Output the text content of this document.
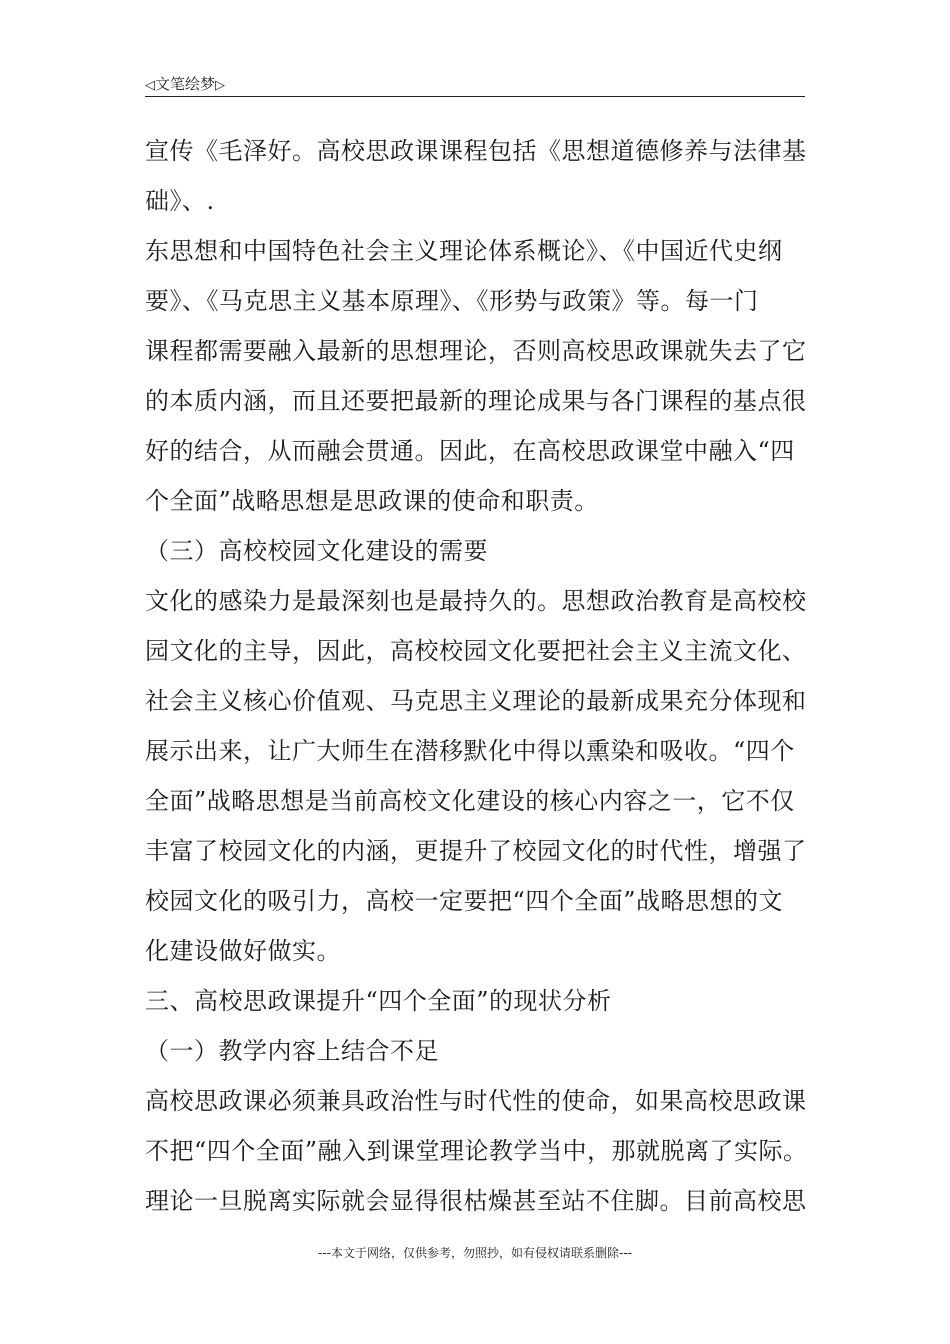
◁文笔绘梦▷
宣传《毛泽好。高校思政课课程包括《思想道德修养与法律基
础》、.
东思想和中国特色社会主义理论体系概论》、《中国近代史纲
要》、《马克思主义基本原理》、《形势与政策》等。每一门
课程都需要融入最新的思想理论，否则高校思政课就失去了它
的本质内涵，而且还要把最新的理论成果与各门课程的基点很
好的结合，从而融会贯通。因此，在高校思政课堂中融入“四
个全面”战略思想是思政课的使命和职责。
（三）高校校园文化建设的需要
文化的感染力是最深刻也是最持久的。思想政治教育是高校校
园文化的主导，因此，高校校园文化要把社会主义主流文化、
社会主义核心价值观、马克思主义理论的最新成果充分体现和
展示出来，让广大师生在潜移默化中得以熏染和吸收。“四个
全面”战略思想是当前高校文化建设的核心内容之一，它不仅
丰富了校园文化的内涵，更提升了校园文化的时代性，增强了
校园文化的吸引力，高校一定要把“四个全面”战略思想的文
化建设做好做实。
三、高校思政课提升“四个全面”的现状分析
（一）教学内容上结合不足
高校思政课必须兼具政治性与时代性的使命，如果高校思政课
不把“四个全面”融入到课堂理论教学当中，那就脱离了实际。
理论一旦脱离实际就会显得很枯燥甚至站不住脚。目前高校思
---本文于网络，仅供参考，勿照抄，如有侵权请联系删除---
